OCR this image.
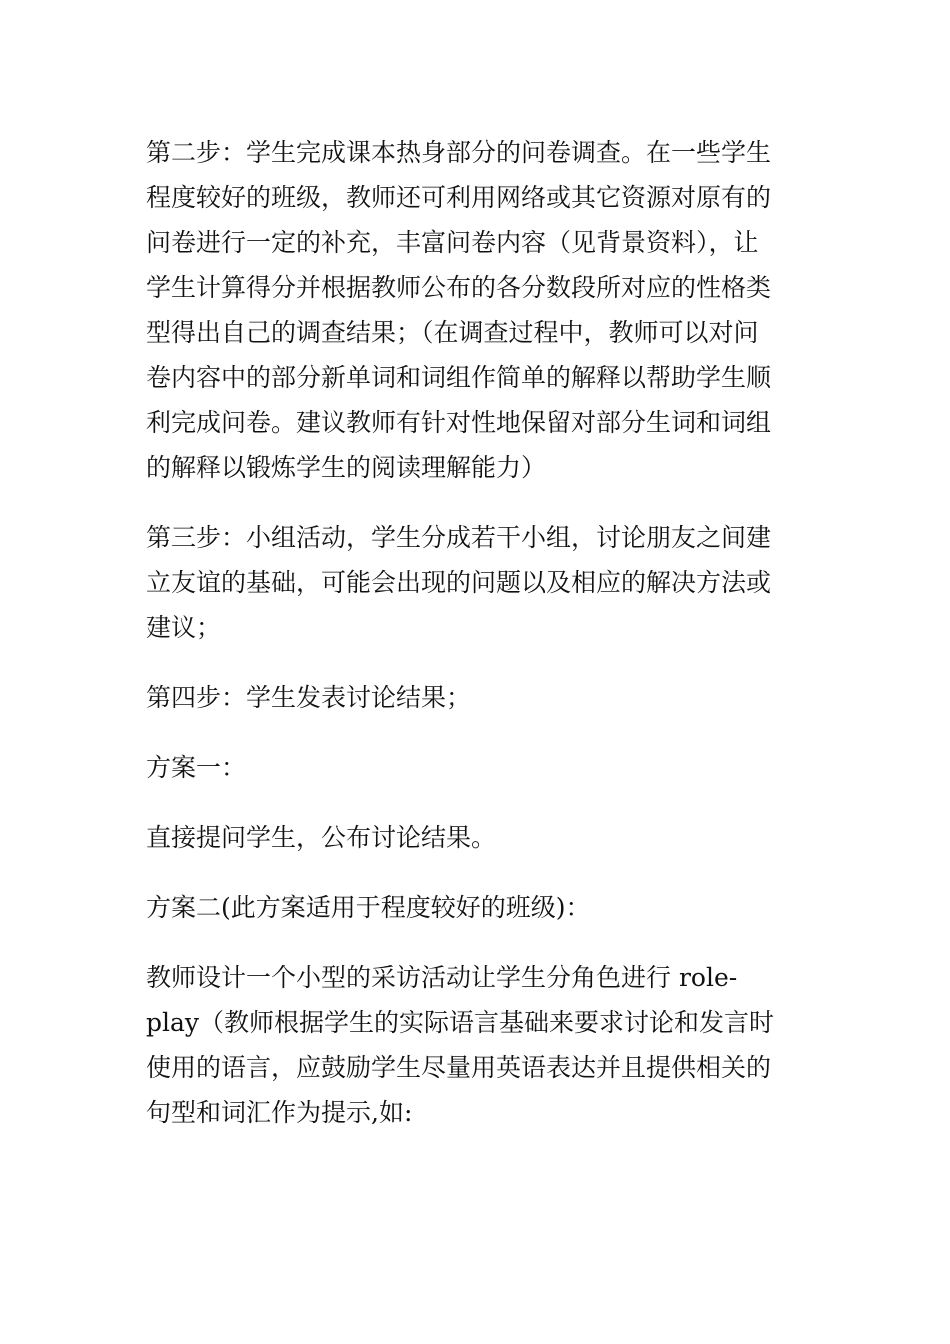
第二步：学生完成课本热身部分的问卷调查。在一些学生
程度较好的班级，教师还可利用网络或其它资源对原有的
问卷进行一定的补充，丰富问卷内容（见背景资料），让
学生计算得分并根据教师公布的各分数段所对应的性格类
型得出自己的调查结果；（在调查过程中，教师可以对问
卷内容中的部分新单词和词组作简单的解释以帮助学生顺
利完成问卷。建议教师有针对性地保留对部分生词和词组
的解释以锻炼学生的阅读理解能力）

第三步：小组活动，学生分成若干小组，讨论朋友之间建
立友谊的基础，可能会出现的问题以及相应的解决方法或
建议；

第四步：学生发表讨论结果；

方案一：

直接提问学生，公布讨论结果。

方案二(此方案适用于程度较好的班级)：

教师设计一个小型的采访活动让学生分角色进行 role-
play（教师根据学生的实际语言基础来要求讨论和发言时
使用的语言，应鼓励学生尽量用英语表达并且提供相关的
句型和词汇作为提示,如:
